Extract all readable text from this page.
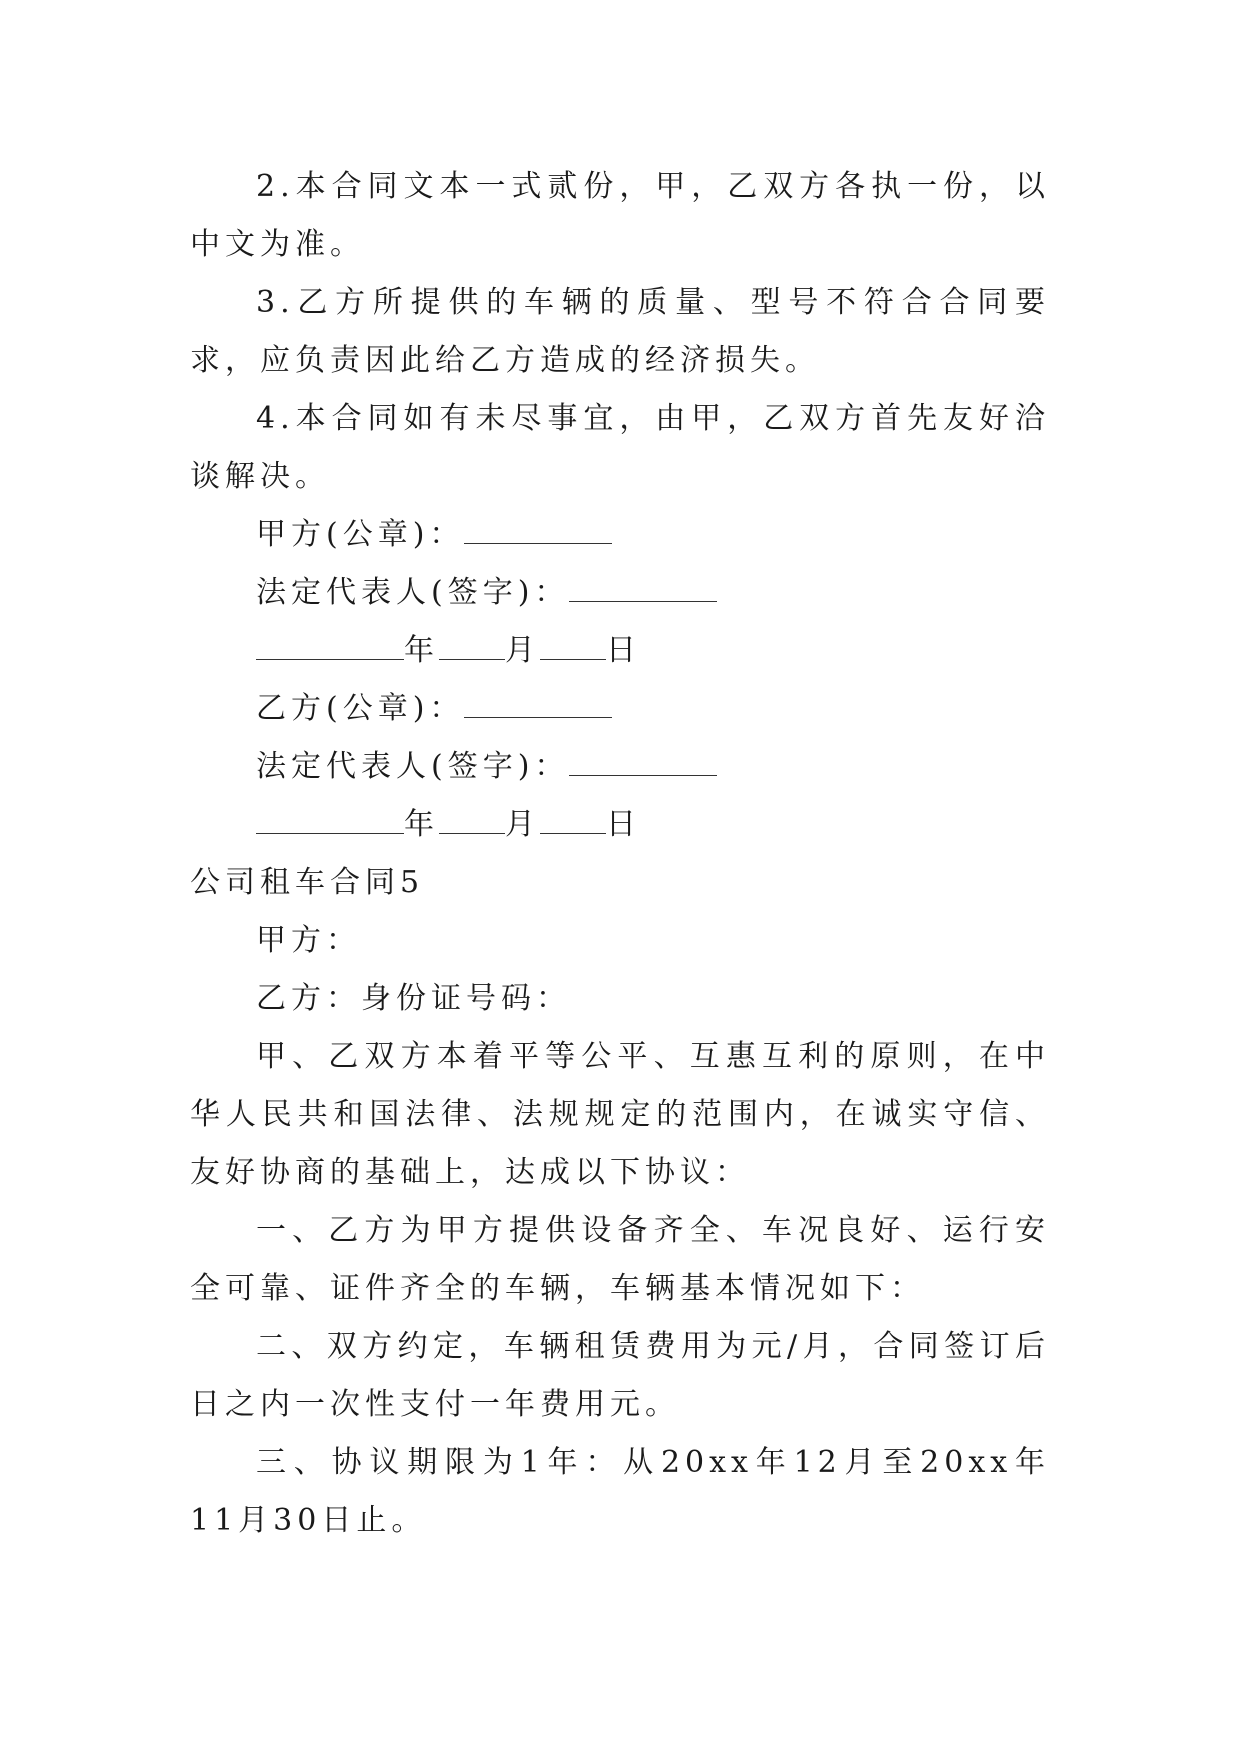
2.本合同文本一式贰份，甲，乙双方各执一份，以中文为准。

3.乙方所提供的车辆的质量、型号不符合合同要求，应负责因此给乙方造成的经济损失。

4.本合同如有未尽事宜，由甲，乙双方首先友好洽谈解决。

甲方(公章)：

法定代表人(签字)：

年 月 日

乙方(公章)：

法定代表人(签字)：

年 月 日

公司租车合同5

甲方：

乙方：身份证号码：

甲、乙双方本着平等公平、互惠互利的原则，在中华人民共和国法律、法规规定的范围内，在诚实守信、友好协商的基础上，达成以下协议：

一、乙方为甲方提供设备齐全、车况良好、运行安全可靠、证件齐全的车辆，车辆基本情况如下：

二、双方约定，车辆租赁费用为元/月，合同签订后日之内一次性支付一年费用元。

三、协议期限为1年：从20xx年12月至20xx年11月30日止。
